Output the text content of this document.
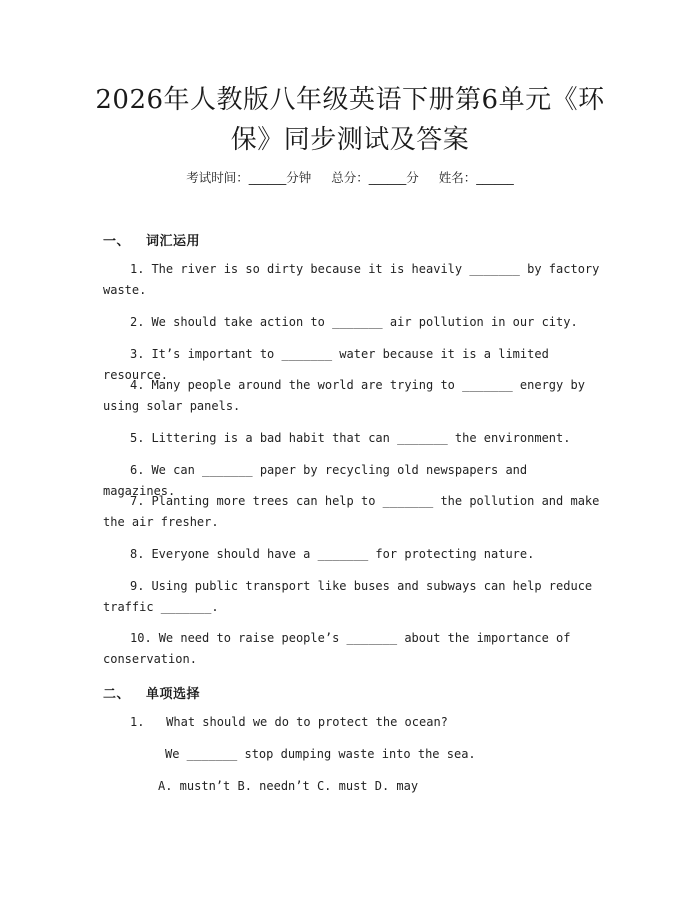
2026年人教版八年级英语下册第6单元《环
保》同步测试及答案
考试时间：______分钟 总分：______分 姓名：______
一、 词汇运用
1. The river is so dirty because it is heavily _______ by factory waste.
2. We should take action to _______ air pollution in our city.
3. It’s important to _______ water because it is a limited resource.
4. Many people around the world are trying to _______ energy by using solar panels.
5. Littering is a bad habit that can _______ the environment.
6. We can _______ paper by recycling old newspapers and magazines.
7. Planting more trees can help to _______ the pollution and make the air fresher.
8. Everyone should have a _______ for protecting nature.
9. Using public transport like buses and subways can help reduce traffic _______.
10. We need to raise people’s _______ about the importance of conservation.
二、 单项选择
1. What should we do to protect the ocean?
We _______ stop dumping waste into the sea.
A. mustn’t B. needn’t C. must D. may
